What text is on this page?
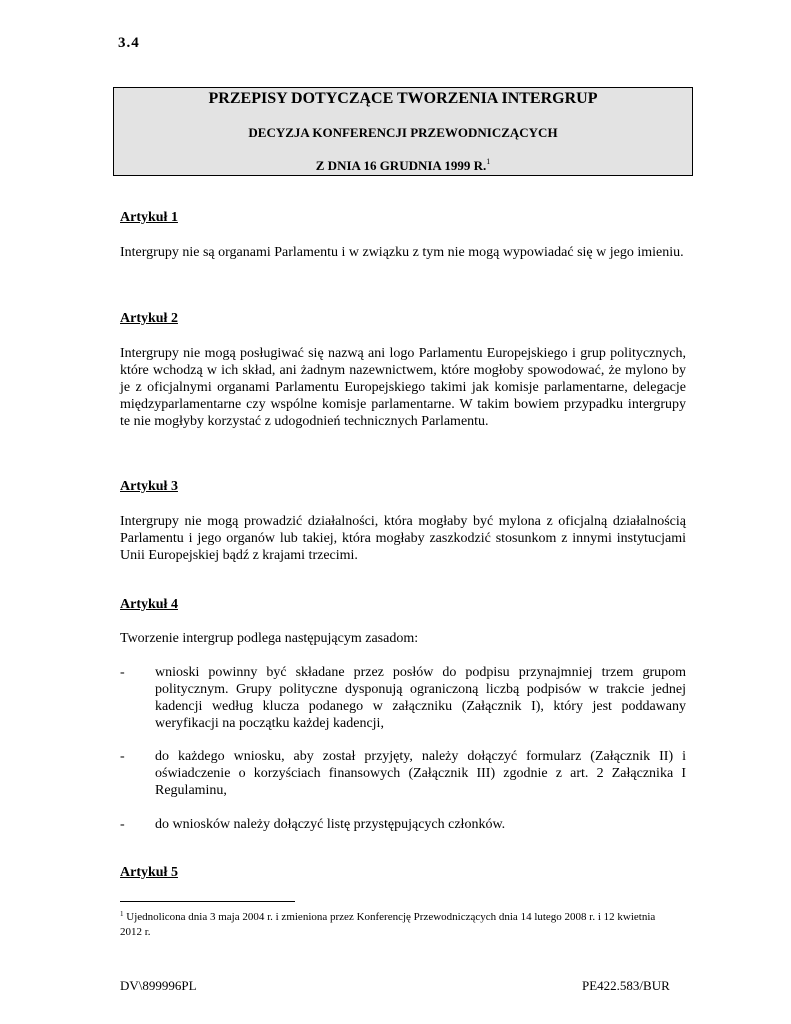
3.4
PRZEPISY DOTYCZĄCE TWORZENIA INTERGRUP
DECYZJA KONFERENCJI PRZEWODNICZĄCYCH
Z DNIA 16 GRUDNIA 1999 R.$^1$
Artykuł 1
Intergrupy nie są organami Parlamentu i w związku z tym nie mogą wypowiadać się w jego imieniu.
Artykuł 2
Intergrupy nie mogą posługiwać się nazwą ani logo Parlamentu Europejskiego i grup politycznych, które wchodzą w ich skład, ani żadnym nazewnictwem, które mogłoby spowodować, że mylono by je z oficjalnymi organami Parlamentu Europejskiego takimi jak komisje parlamentarne, delegacje międzyparlamentarne czy wspólne komisje parlamentarne. W takim bowiem przypadku intergrupy te nie mogłyby korzystać z udogodnień technicznych Parlamentu.
Artykuł 3
Intergrupy nie mogą prowadzić działalności, która mogłaby być mylona z oficjalną działalnością Parlamentu i jego organów lub takiej, która mogłaby zaszkodzić stosunkom z innymi instytucjami Unii Europejskiej bądź z krajami trzecimi.
Artykuł 4
Tworzenie intergrup podlega następującym zasadom:
- wnioski powinny być składane przez posłów do podpisu przynajmniej trzem grupom politycznym. Grupy polityczne dysponują ograniczoną liczbą podpisów w trakcie jednej kadencji według klucza podanego w załączniku (Załącznik I), który jest poddawany weryfikacji na początku każdej kadencji,
- do każdego wniosku, aby został przyjęty, należy dołączyć formularz (Załącznik II) i oświadczenie o korzyściach finansowych (Załącznik III) zgodnie z art. 2 Załącznika I Regulaminu,
- do wniosków należy dołączyć listę przystępujących członków.
Artykuł 5
$^1$ Ujednolicona dnia 3 maja 2004 r. i zmieniona przez Konferencję Przewodniczących dnia 14 lutego 2008 r. i 12 kwietnia 2012 r.
DV\899996PL	PE422.583/BUR
